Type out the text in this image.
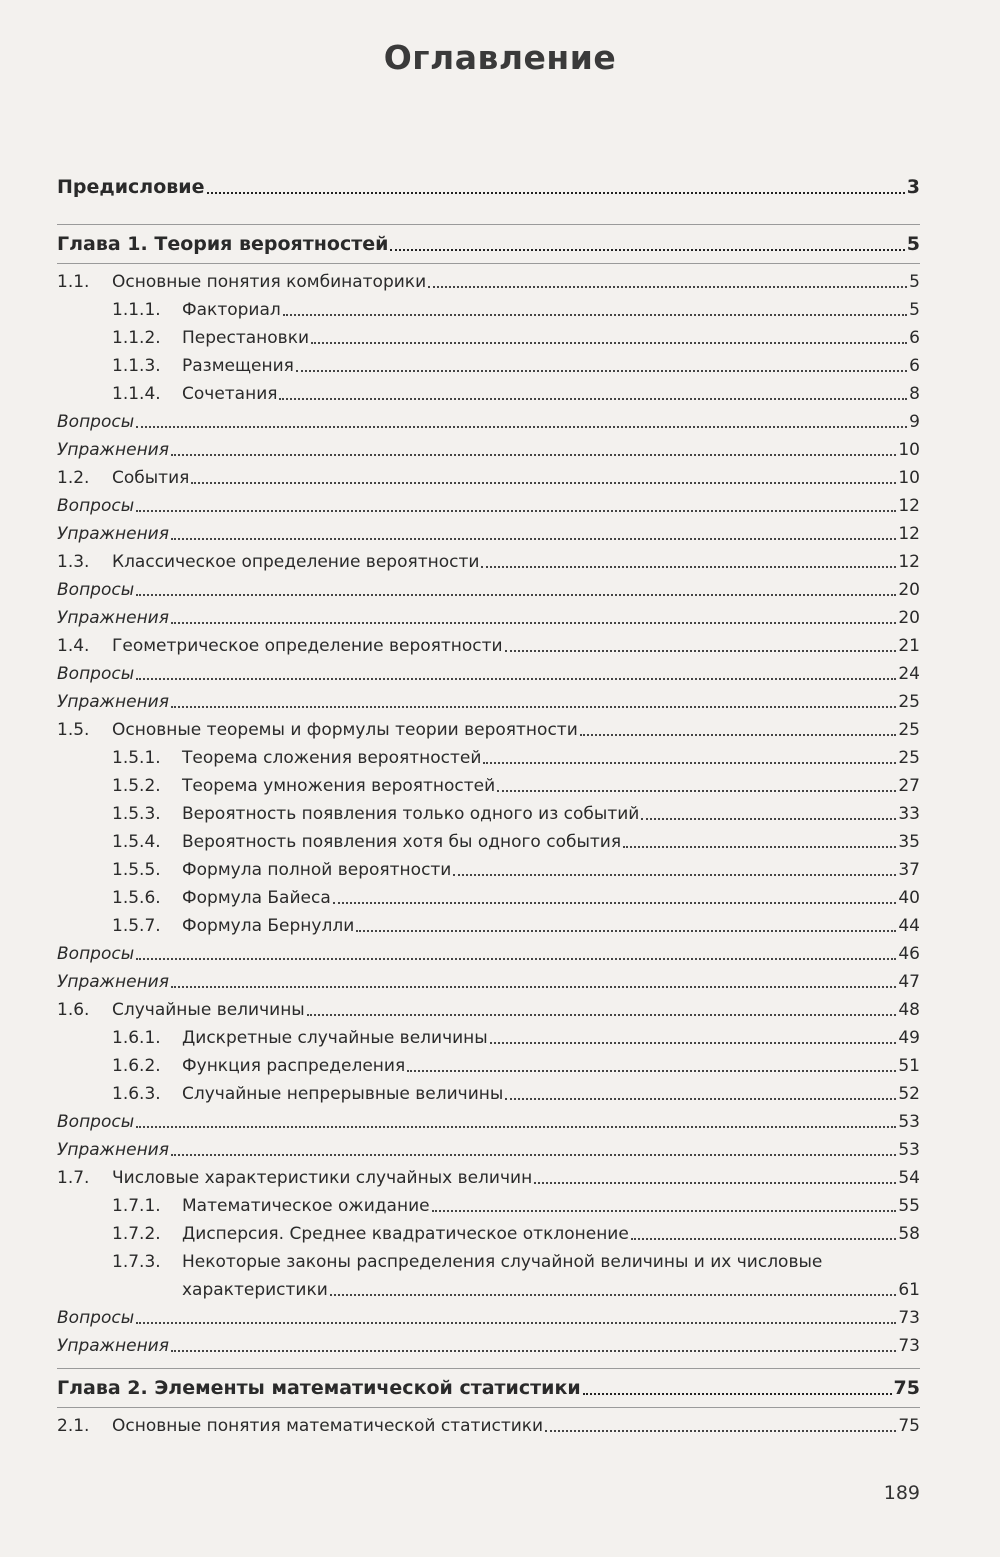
Оглавление
Предисловие	3
Глава 1. Теория вероятностей	5
1.1.	Основные понятия комбинаторики	5
1.1.1.	Факториал	5
1.1.2.	Перестановки	6
1.1.3.	Размещения	6
1.1.4.	Сочетания	8
Вопросы	9
Упражнения	10
1.2.	События	10
Вопросы	12
Упражнения	12
1.3.	Классическое определение вероятности	12
Вопросы	20
Упражнения	20
1.4.	Геометрическое определение вероятности	21
Вопросы	24
Упражнения	25
1.5.	Основные теоремы и формулы теории вероятности	25
1.5.1.	Теорема сложения вероятностей	25
1.5.2.	Теорема умножения вероятностей	27
1.5.3.	Вероятность появления только одного из событий	33
1.5.4.	Вероятность появления хотя бы одного события	35
1.5.5.	Формула полной вероятности	37
1.5.6.	Формула Байеса	40
1.5.7.	Формула Бернулли	44
Вопросы	46
Упражнения	47
1.6.	Случайные величины	48
1.6.1.	Дискретные случайные величины	49
1.6.2.	Функция распределения	51
1.6.3.	Случайные непрерывные величины	52
Вопросы	53
Упражнения	53
1.7.	Числовые характеристики случайных величин	54
1.7.1.	Математическое ожидание	55
1.7.2.	Дисперсия. Среднее квадратическое отклонение	58
1.7.3. Некоторые законы распределения случайной величины и их числовые
характеристики	61
Вопросы	73
Упражнения	73
Глава 2. Элементы математической статистики	75
2.1.	Основные понятия математической статистики	75
189
